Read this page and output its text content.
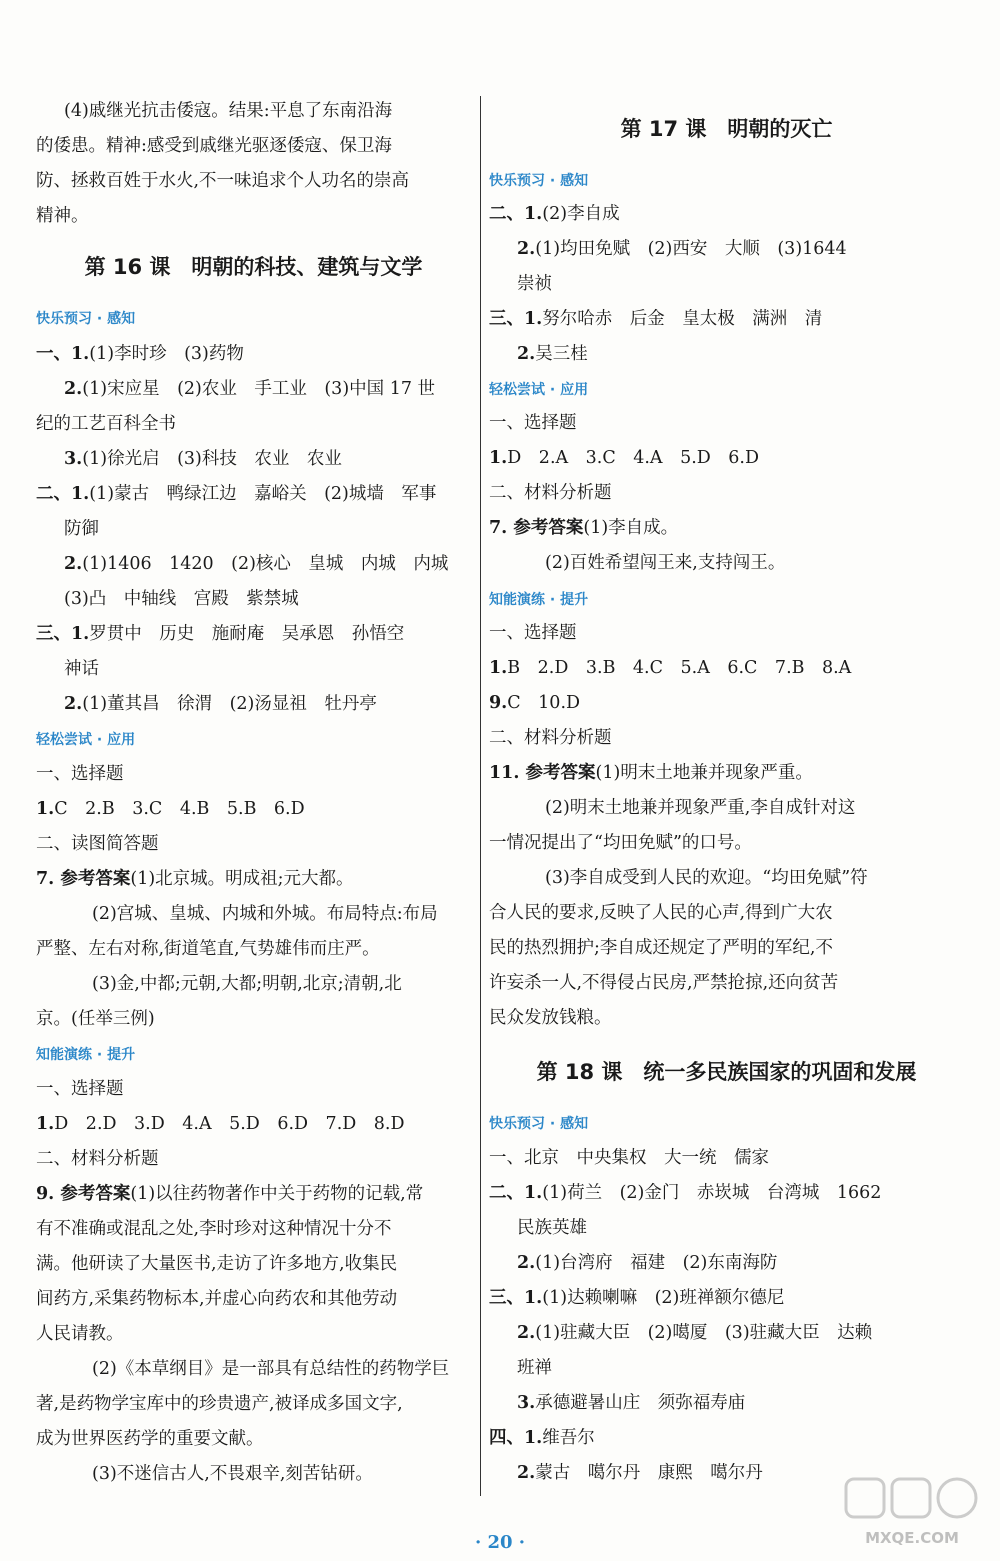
(4)戚继光抗击倭寇。结果:平息了东南沿海
的倭患。精神:感受到戚继光驱逐倭寇、保卫海
防、拯救百姓于水火,不一味追求个人功名的崇高
精神。
第 16 课　明朝的科技、建筑与文学
快乐预习 · 感知
一、1.(1)李时珍　(3)药物
2.(1)宋应星　(2)农业　手工业　(3)中国 17 世
纪的工艺百科全书
3.(1)徐光启　(3)科技　农业　农业
二、1.(1)蒙古　鸭绿江边　嘉峪关　(2)城墙　军事
防御
2.(1)1406　1420　(2)核心　皇城　内城　内城
(3)凸　中轴线　宫殿　紫禁城
三、1.罗贯中　历史　施耐庵　吴承恩　孙悟空
神话
2.(1)董其昌　徐渭　(2)汤显祖　牡丹亭
轻松尝试 · 应用
一、选择题
1.C　2.B　3.C　4.B　5.B　6.D
二、读图简答题
7. 参考答案(1)北京城。明成祖;元大都。
(2)宫城、皇城、内城和外城。布局特点:布局
严整、左右对称,街道笔直,气势雄伟而庄严。
(3)金,中都;元朝,大都;明朝,北京;清朝,北
京。(任举三例)
知能演练 · 提升
一、选择题
1.D　2.D　3.D　4.A　5.D　6.D　7.D　8.D
二、材料分析题
9. 参考答案(1)以往药物著作中关于药物的记载,常
有不准确或混乱之处,李时珍对这种情况十分不
满。他研读了大量医书,走访了许多地方,收集民
间药方,采集药物标本,并虚心向药农和其他劳动
人民请教。
(2)《本草纲目》是一部具有总结性的药物学巨
著,是药物学宝库中的珍贵遗产,被译成多国文字,
成为世界医药学的重要文献。
(3)不迷信古人,不畏艰辛,刻苦钻研。
第 17 课　明朝的灭亡
快乐预习 · 感知
二、1.(2)李自成
2.(1)均田免赋　(2)西安　大顺　(3)1644
崇祯
三、1.努尔哈赤　后金　皇太极　满洲　清
2.吴三桂
轻松尝试 · 应用
一、选择题
1.D　2.A　3.C　4.A　5.D　6.D
二、材料分析题
7. 参考答案(1)李自成。
(2)百姓希望闯王来,支持闯王。
知能演练 · 提升
一、选择题
1.B　2.D　3.B　4.C　5.A　6.C　7.B　8.A
9.C　10.D
二、材料分析题
11. 参考答案(1)明末土地兼并现象严重。
(2)明末土地兼并现象严重,李自成针对这
一情况提出了“均田免赋”的口号。
(3)李自成受到人民的欢迎。“均田免赋”符
合人民的要求,反映了人民的心声,得到广大农
民的热烈拥护;李自成还规定了严明的军纪,不
许妄杀一人,不得侵占民房,严禁抢掠,还向贫苦
民众发放钱粮。
第 18 课　统一多民族国家的巩固和发展
快乐预习 · 感知
一、北京　中央集权　大一统　儒家
二、1.(1)荷兰　(2)金门　赤崁城　台湾城　1662
民族英雄
2.(1)台湾府　福建　(2)东南海防
三、1.(1)达赖喇嘛　(2)班禅额尔德尼
2.(1)驻藏大臣　(2)噶厦　(3)驻藏大臣　达赖
班禅
3.承德避暑山庄　须弥福寿庙
四、1.维吾尔
2.蒙古　噶尔丹　康熙　噶尔丹
· 20 ·	MXQE.COM
